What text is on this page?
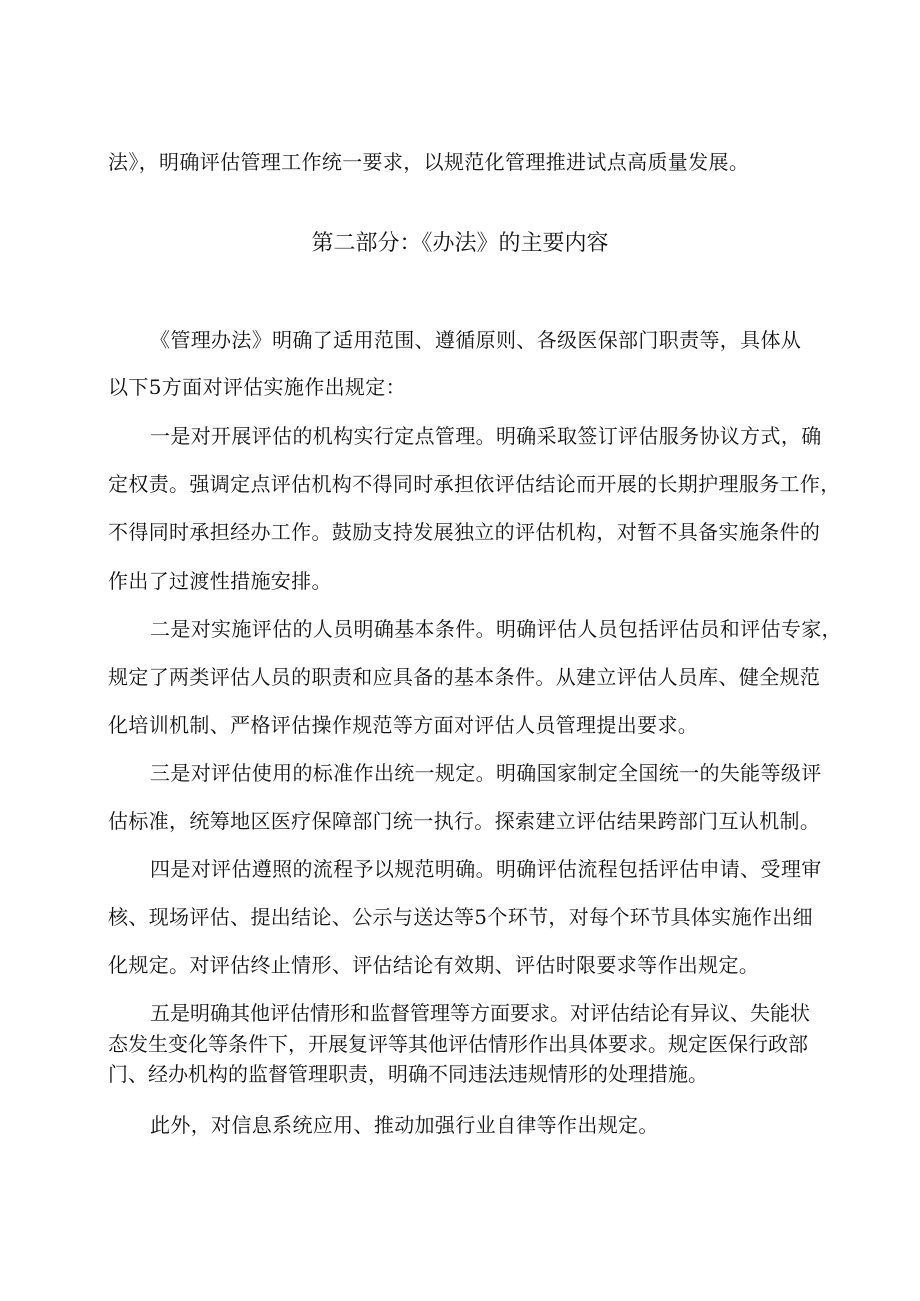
法》，明确评估管理工作统一要求，以规范化管理推进试点高质量发展。
第二部分：《办法》的主要内容
《管理办法》明确了适用范围、遵循原则、各级医保部门职责等，具体从
以下5方面对评估实施作出规定：
一是对开展评估的机构实行定点管理。明确采取签订评估服务协议方式，确
定权责。强调定点评估机构不得同时承担依评估结论而开展的长期护理服务工作，
不得同时承担经办工作。鼓励支持发展独立的评估机构，对暂不具备实施条件的
作出了过渡性措施安排。
二是对实施评估的人员明确基本条件。明确评估人员包括评估员和评估专家，
规定了两类评估人员的职责和应具备的基本条件。从建立评估人员库、健全规范
化培训机制、严格评估操作规范等方面对评估人员管理提出要求。
三是对评估使用的标准作出统一规定。明确国家制定全国统一的失能等级评
估标准，统筹地区医疗保障部门统一执行。探索建立评估结果跨部门互认机制。
四是对评估遵照的流程予以规范明确。明确评估流程包括评估申请、受理审
核、现场评估、提出结论、公示与送达等5个环节，对每个环节具体实施作出细
化规定。对评估终止情形、评估结论有效期、评估时限要求等作出规定。
五是明确其他评估情形和监督管理等方面要求。对评估结论有异议、失能状
态发生变化等条件下，开展复评等其他评估情形作出具体要求。规定医保行政部
门、经办机构的监督管理职责，明确不同违法违规情形的处理措施。
此外，对信息系统应用、推动加强行业自律等作出规定。
